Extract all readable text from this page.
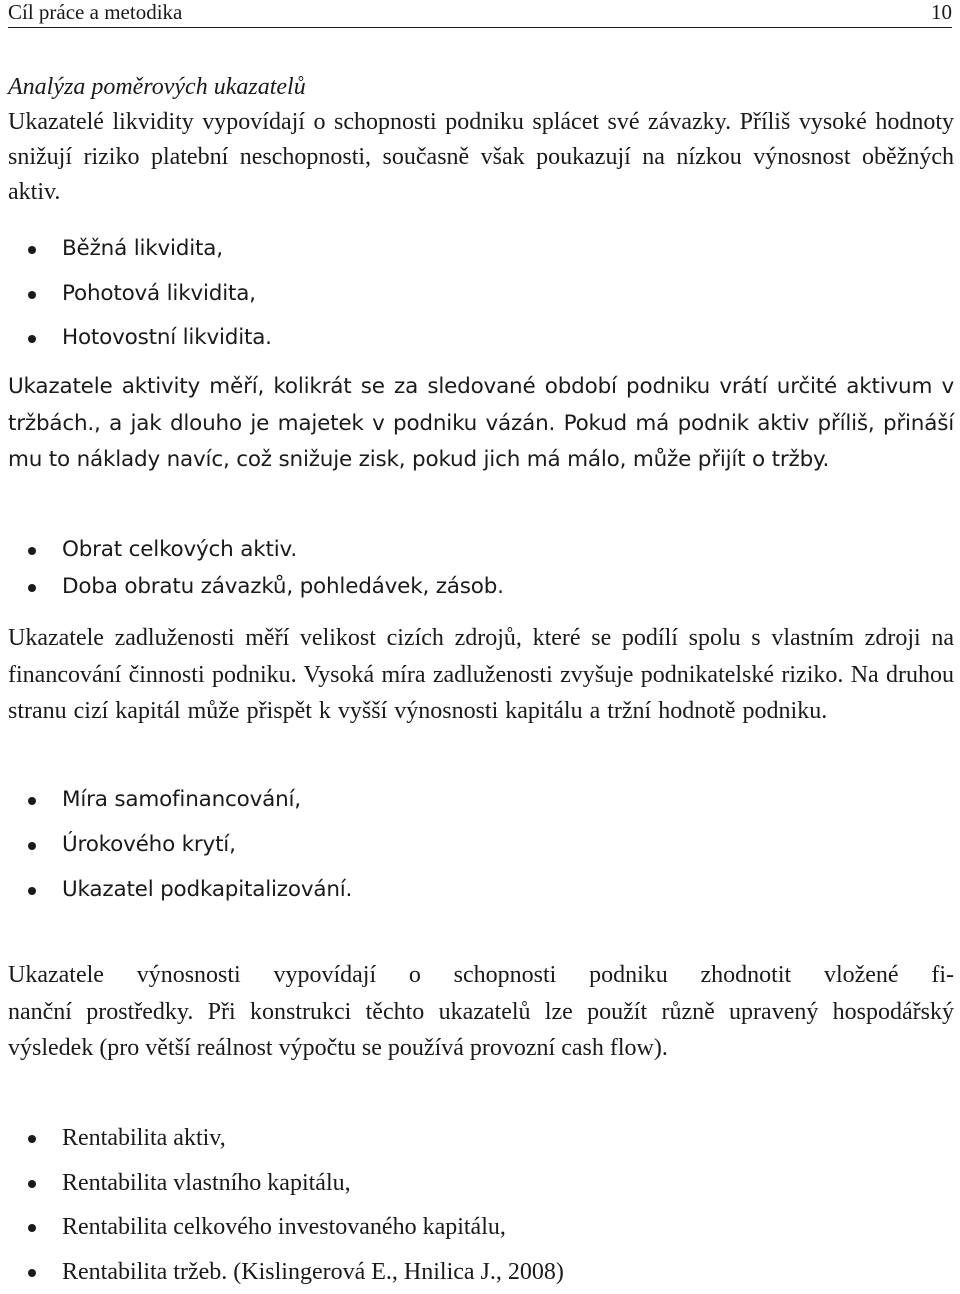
Cíl práce a metodika	10
Analýza poměrových ukazatelů

Ukazatelé likvidity vypovídají o schopnosti podniku splácet své závazky. Příliš vysoké hodnoty snižují riziko platební neschopnosti, současně však poukazují na nízkou výnosnost oběžných aktiv.

Běžná likvidita,
Pohotová likvidita,
Hotovostní likvidita.

Ukazatele aktivity měří, kolikrát se za sledované období podniku vrátí určité aktivum v tržbách., a jak dlouho je majetek v podniku vázán. Pokud má podnik aktiv příliš, přináší mu to náklady navíc, což snižuje zisk, pokud jich má málo, může přijít o tržby.

Obrat celkových aktiv.
Doba obratu závazků, pohledávek, zásob.

Ukazatele zadluženosti měří velikost cizích zdrojů, které se podílí spolu s vlastním zdroji na financování činnosti podniku. Vysoká míra zadluženosti zvyšuje podnikatelské riziko. Na druhou stranu cizí kapitál může přispět k vyšší výnosnosti kapitálu a tržní hodnotě podniku.

Míra samofinancování,
Úrokového krytí,
Ukazatel podkapitalizování.
Ukazatele výnosnosti vypovídají o schopnosti podniku zhodnotit vložené fi-
nanční prostředky. Při konstrukci těchto ukazatelů lze použít různě upravený hospodářský výsledek (pro větší reálnost výpočtu se používá provozní cash flow).
Rentabilita aktiv,
Rentabilita vlastního kapitálu,
Rentabilita celkového investovaného kapitálu,
Rentabilita tržeb. (Kislingerová E., Hnilica J., 2008)
